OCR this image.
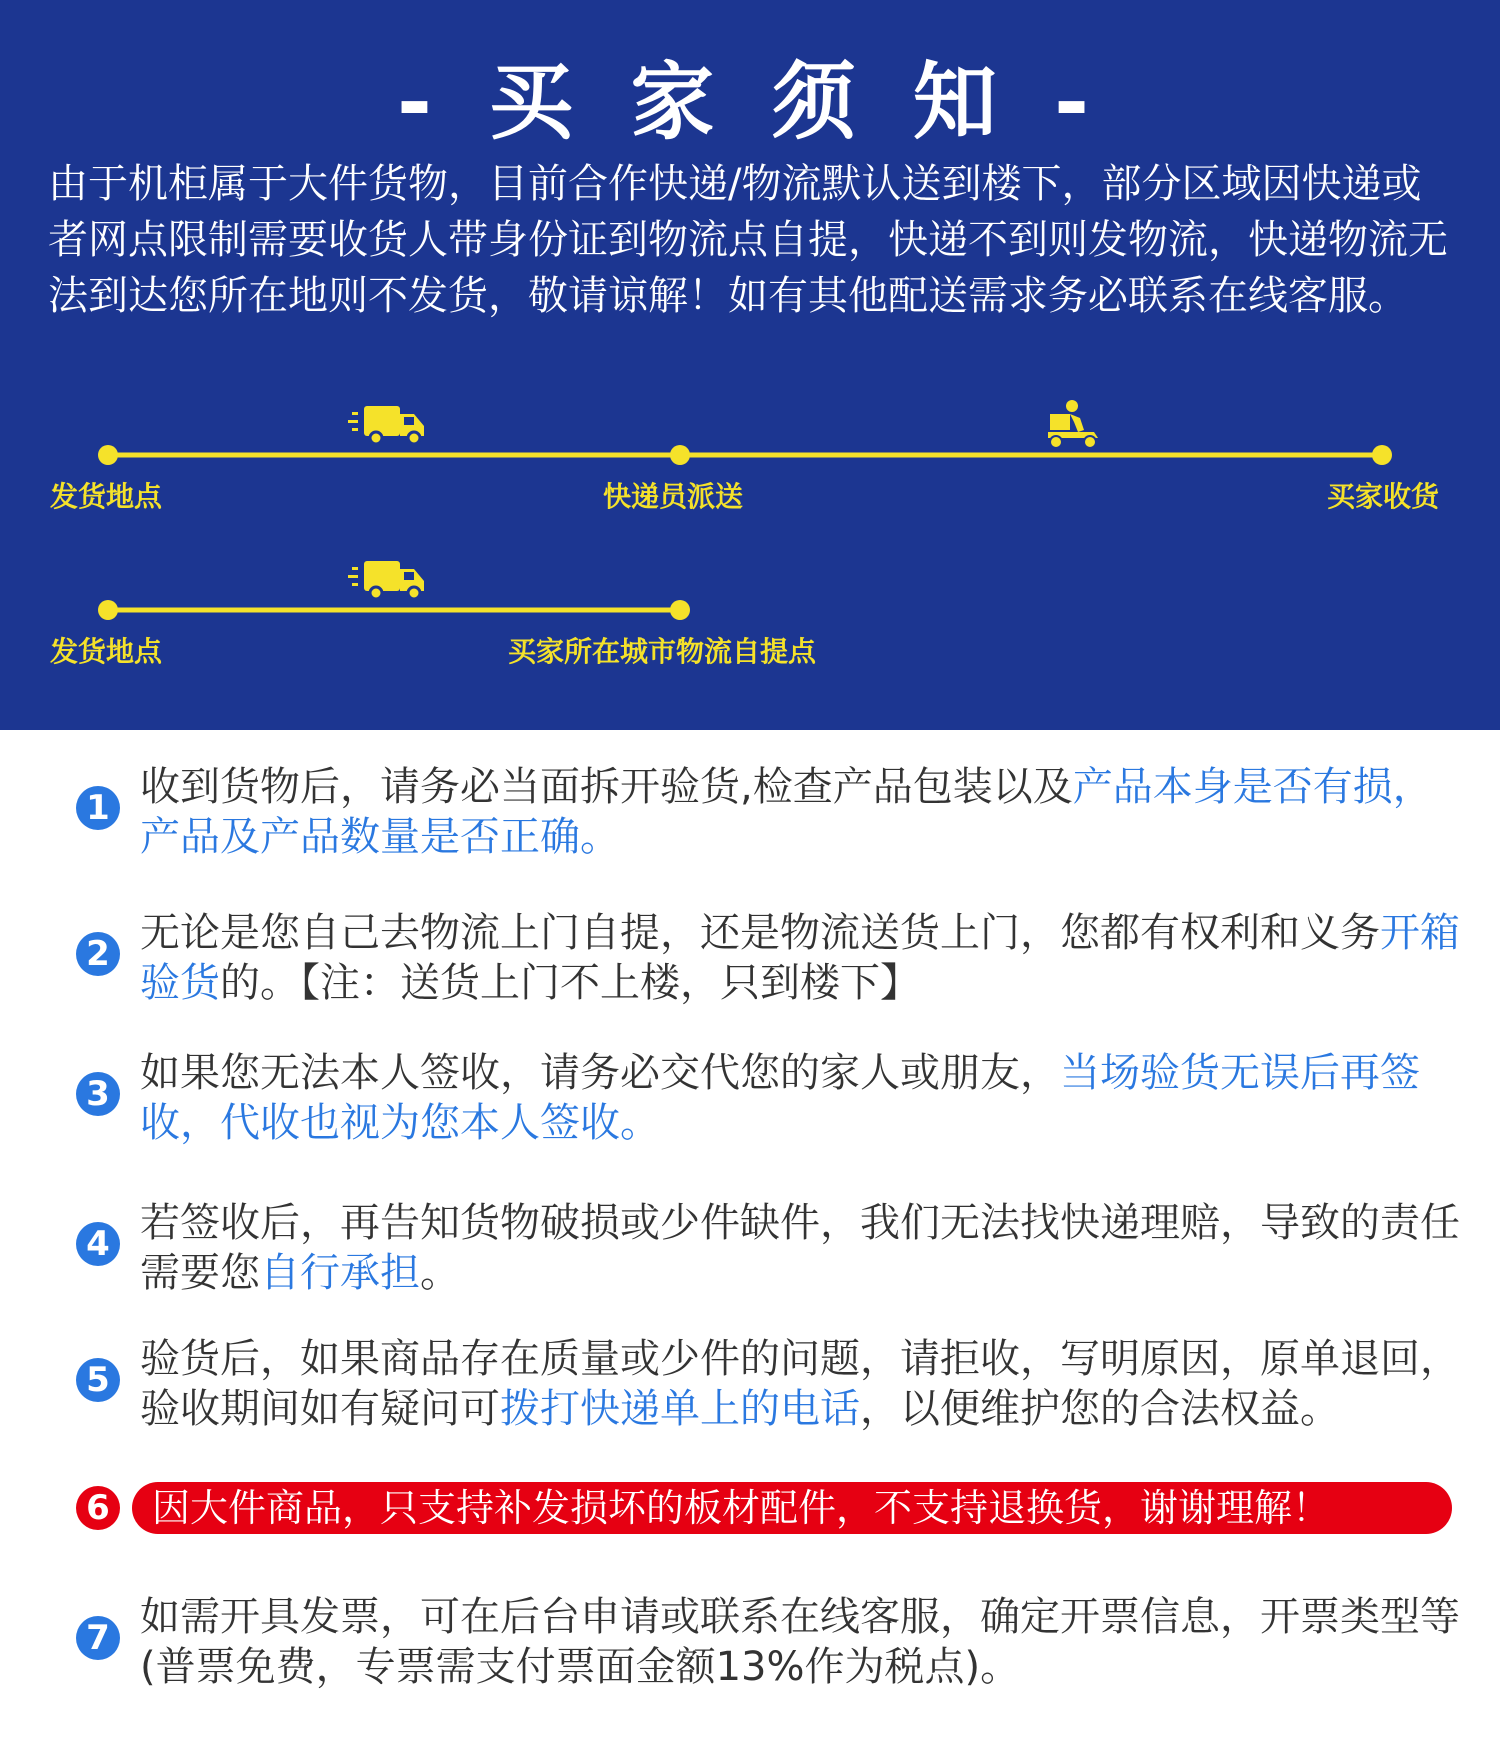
- 买 家 须 知 -

由于机柜属于大件货物，目前合作快递/物流默认送到楼下，部分区域因快递或者网点限制需要收货人带身份证到物流点自提，快递不到则发物流，快递物流无法到达您所在地则不发货，敬请谅解！如有其他配送需求务必联系在线客服。

发货地点	快递员派送	买家收货
发货地点	买家所在城市物流自提点
1 收到货物后，请务必当面拆开验货,检查产品包装以及产品本身是否有损，产品及产品数量是否正确。

2 无论是您自己去物流上门自提，还是物流送货上门，您都有权利和义务开箱验货的。【注：送货上门不上楼，只到楼下】

3 如果您无法本人签收，请务必交代您的家人或朋友，当场验货无误后再签收，代收也视为您本人签收。

4 若签收后，再告知货物破损或少件缺件，我们无法找快递理赔，导致的责任需要您自行承担。

5 验货后，如果商品存在质量或少件的问题，请拒收，写明原因，原单退回，验收期间如有疑问可拨打快递单上的电话，以便维护您的合法权益。

6 因大件商品，只支持补发损坏的板材配件，不支持退换货，谢谢理解！

7 如需开具发票，可在后台申请或联系在线客服，确定开票信息，开票类型等(普票免费，专票需支付票面金额13%作为税点)。
